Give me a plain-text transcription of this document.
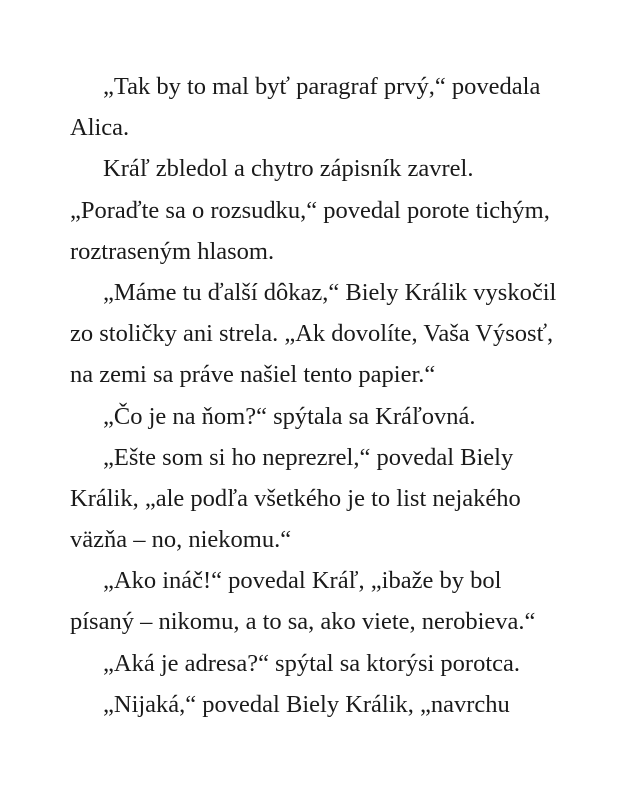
„Tak by to mal byť paragraf prvý,“ povedala
Alica.
Kráľ zbledol a chytro zápisník zavrel.
„Poraďte sa o rozsudku,“ povedal porote tichým,
roztraseným hlasom.
„Máme tu ďalší dôkaz,“ Biely Králik vyskočil
zo stoličky ani strela. „Ak dovolíte, Vaša Výsosť,
na zemi sa práve našiel tento papier.“
„Čo je na ňom?“ spýtala sa Kráľovná.
„Ešte som si ho neprezrel,“ povedal Biely
Králik, „ale podľa všetkého je to list nejakého
väzňa – no, niekomu.“
„Ako ináč!“ povedal Kráľ, „ibaže by bol
písaný – nikomu, a to sa, ako viete, nerobieva.“
„Aká je adresa?“ spýtal sa ktorýsi porotca.
„Nijaká,“ povedal Biely Králik, „navrchu
